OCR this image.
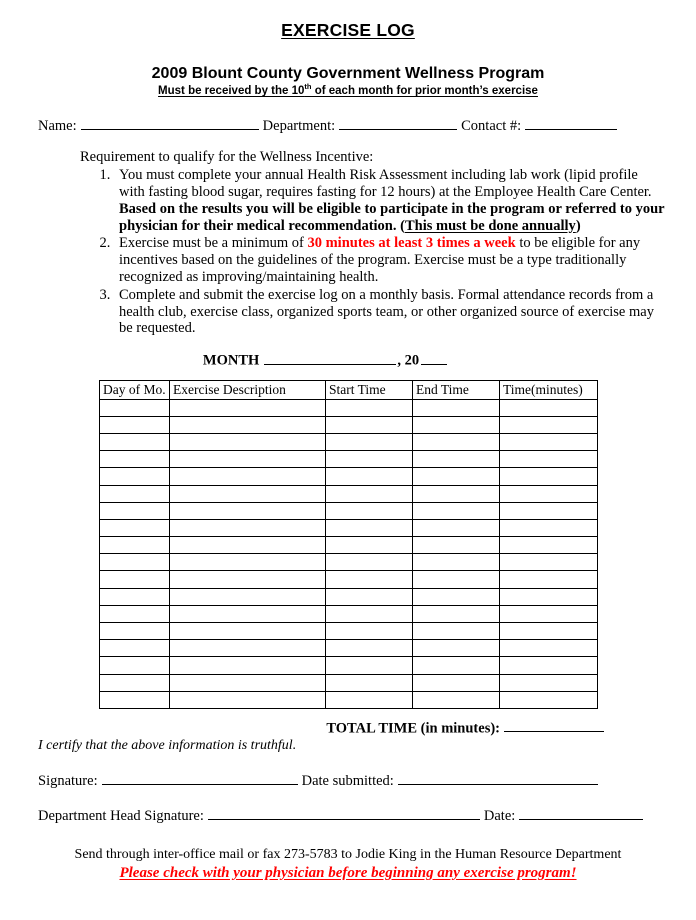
EXERCISE LOG
2009 Blount County Government Wellness Program
Must be received by the 10th of each month for prior month’s exercise
Name:	Department:	Contact #:
Requirement to qualify for the Wellness Incentive:
1. You must complete your annual Health Risk Assessment including lab work (lipid profile with fasting blood sugar, requires fasting for 12 hours) at the Employee Health Care Center.  Based on the results you will be eligible to participate in the program or referred to your physician for their medical recommendation. (This must be done annually)
2. Exercise must be a minimum of 30 minutes at least 3 times a week to be eligible for any incentives based on the guidelines of the program. Exercise must be a type traditionally recognized as improving/maintaining health.
3. Complete and submit the exercise log on a monthly basis. Formal attendance records from a health club, exercise class, organized sports team, or other organized source of exercise may be requested.
MONTH	, 20
Day of Mo.	Exercise Description	Start Time	End Time	Time(minutes)

TOTAL TIME (in minutes):
I certify that the above information is truthful.
Signature:	Date submitted:
Department Head Signature:	Date:
Send through inter-office mail or fax 273-5783 to Jodie King in the Human Resource Department
Please check with your physician before beginning any exercise program!
